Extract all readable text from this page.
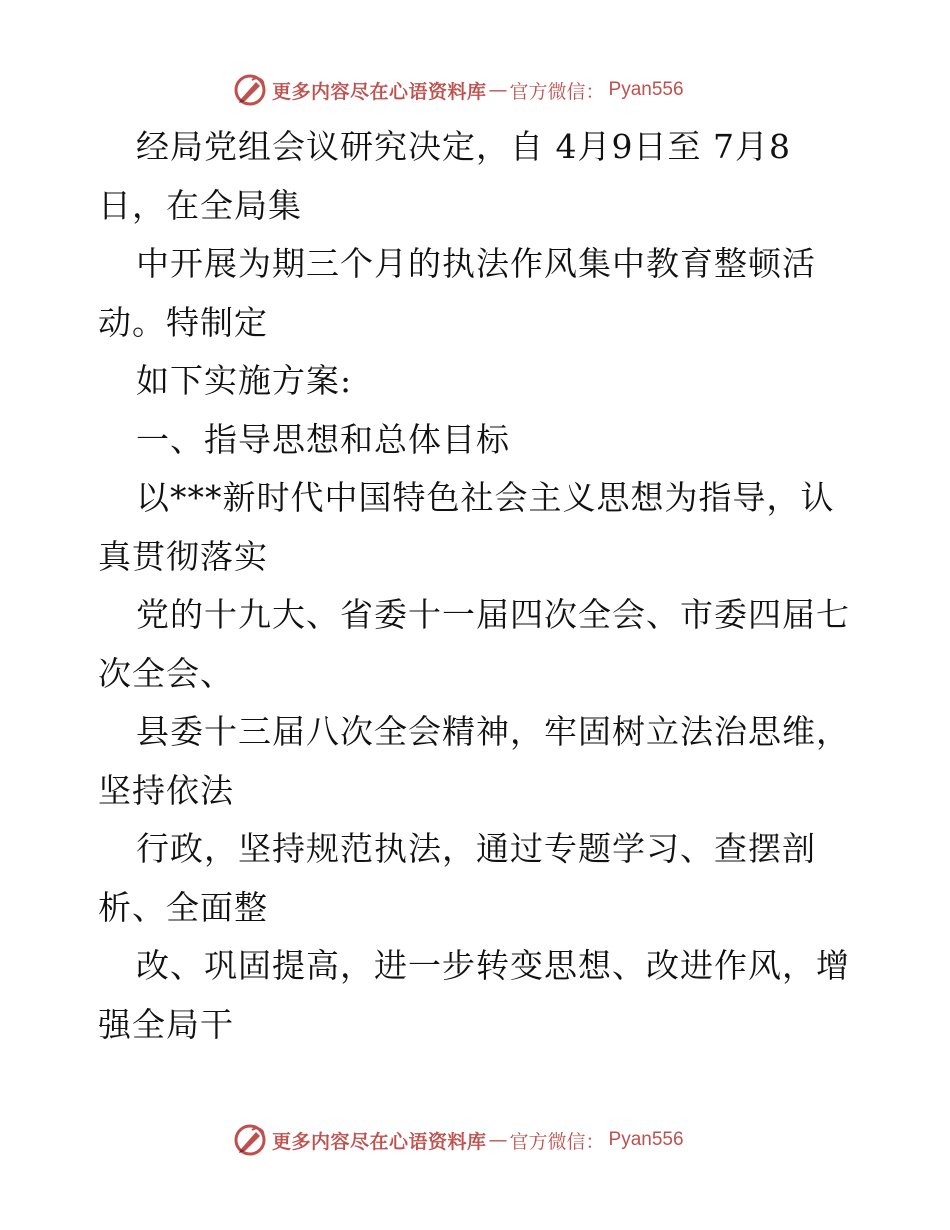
更多内容尽在心语资料库 — 官方微信： Pyan556
经局党组会议研究决定，自 4月9日至 7月8
日，在全局集
中开展为期三个月的执法作风集中教育整顿活
动。特制定
如下实施方案:
一、指导思想和总体目标
以***新时代中国特色社会主义思想为指导，认
真贯彻落实
党的十九大、省委十一届四次全会、市委四届七
次全会、
县委十三届八次全会精神，牢固树立法治思维，
坚持依法
行政，坚持规范执法，通过专题学习、查摆剖
析、全面整
改、巩固提高，进一步转变思想、改进作风，增
强全局干
更多内容尽在心语资料库 — 官方微信： Pyan556
